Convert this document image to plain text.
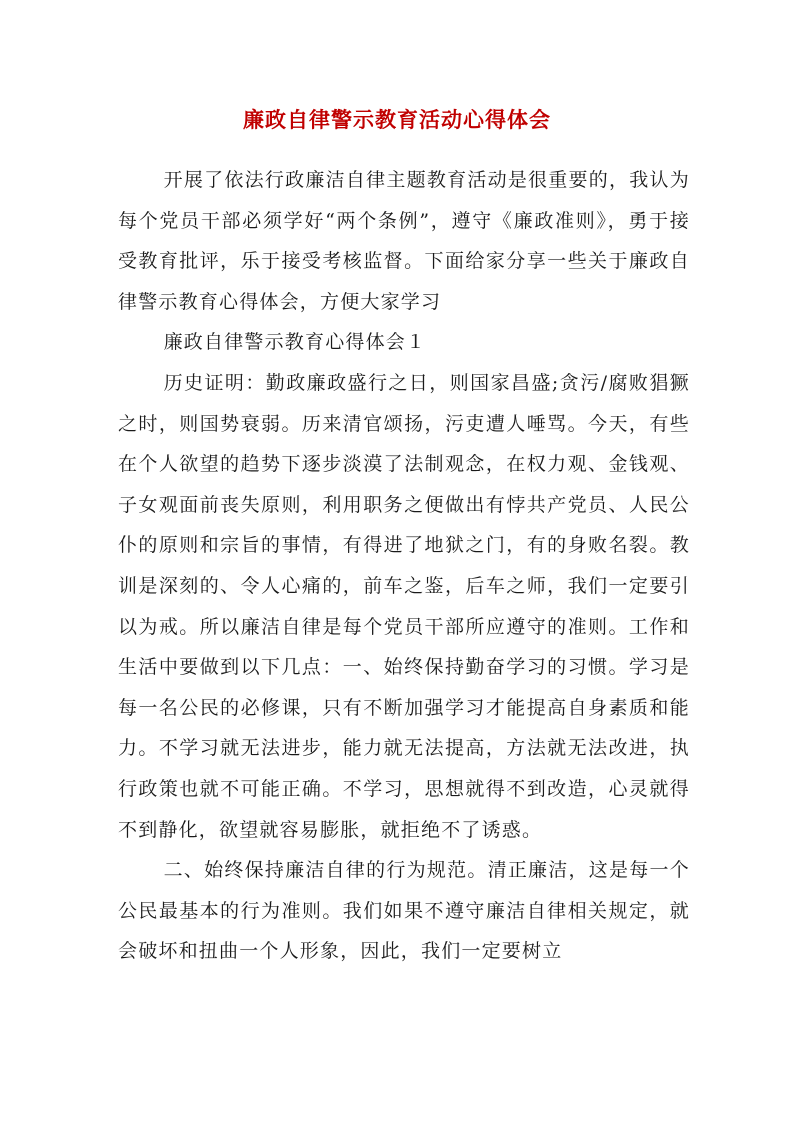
廉政自律警示教育活动心得体会

开展了依法行政廉洁自律主题教育活动是很重要的，我认为每个党员干部必须学好“两个条例”，遵守《廉政准则》，勇于接受教育批评，乐于接受考核监督。下面给家分享一些关于廉政自律警示教育心得体会，方便大家学习

廉政自律警示教育心得体会１

历史证明：勤政廉政盛行之日，则国家昌盛;贪污/腐败猖獗之时，则国势衰弱。历来清官颂扬，污吏遭人唾骂。今天，有些在个人欲望的趋势下逐步淡漠了法制观念，在权力观、金钱观、子女观面前丧失原则，利用职务之便做出有悖共产党员、人民公仆的原则和宗旨的事情，有得进了地狱之门，有的身败名裂。教训是深刻的、令人心痛的，前车之鉴，后车之师，我们一定要引以为戒。所以廉洁自律是每个党员干部所应遵守的准则。工作和生活中要做到以下几点：一、始终保持勤奋学习的习惯。学习是每一名公民的必修课，只有不断加强学习才能提高自身素质和能力。不学习就无法进步，能力就无法提高，方法就无法改进，执行政策也就不可能正确。不学习，思想就得不到改造，心灵就得不到静化，欲望就容易膨胀，就拒绝不了诱惑。

二、始终保持廉洁自律的行为规范。清正廉洁，这是每一个公民最基本的行为准则。我们如果不遵守廉洁自律相关规定，就会破坏和扭曲一个人形象，因此，我们一定要树立
